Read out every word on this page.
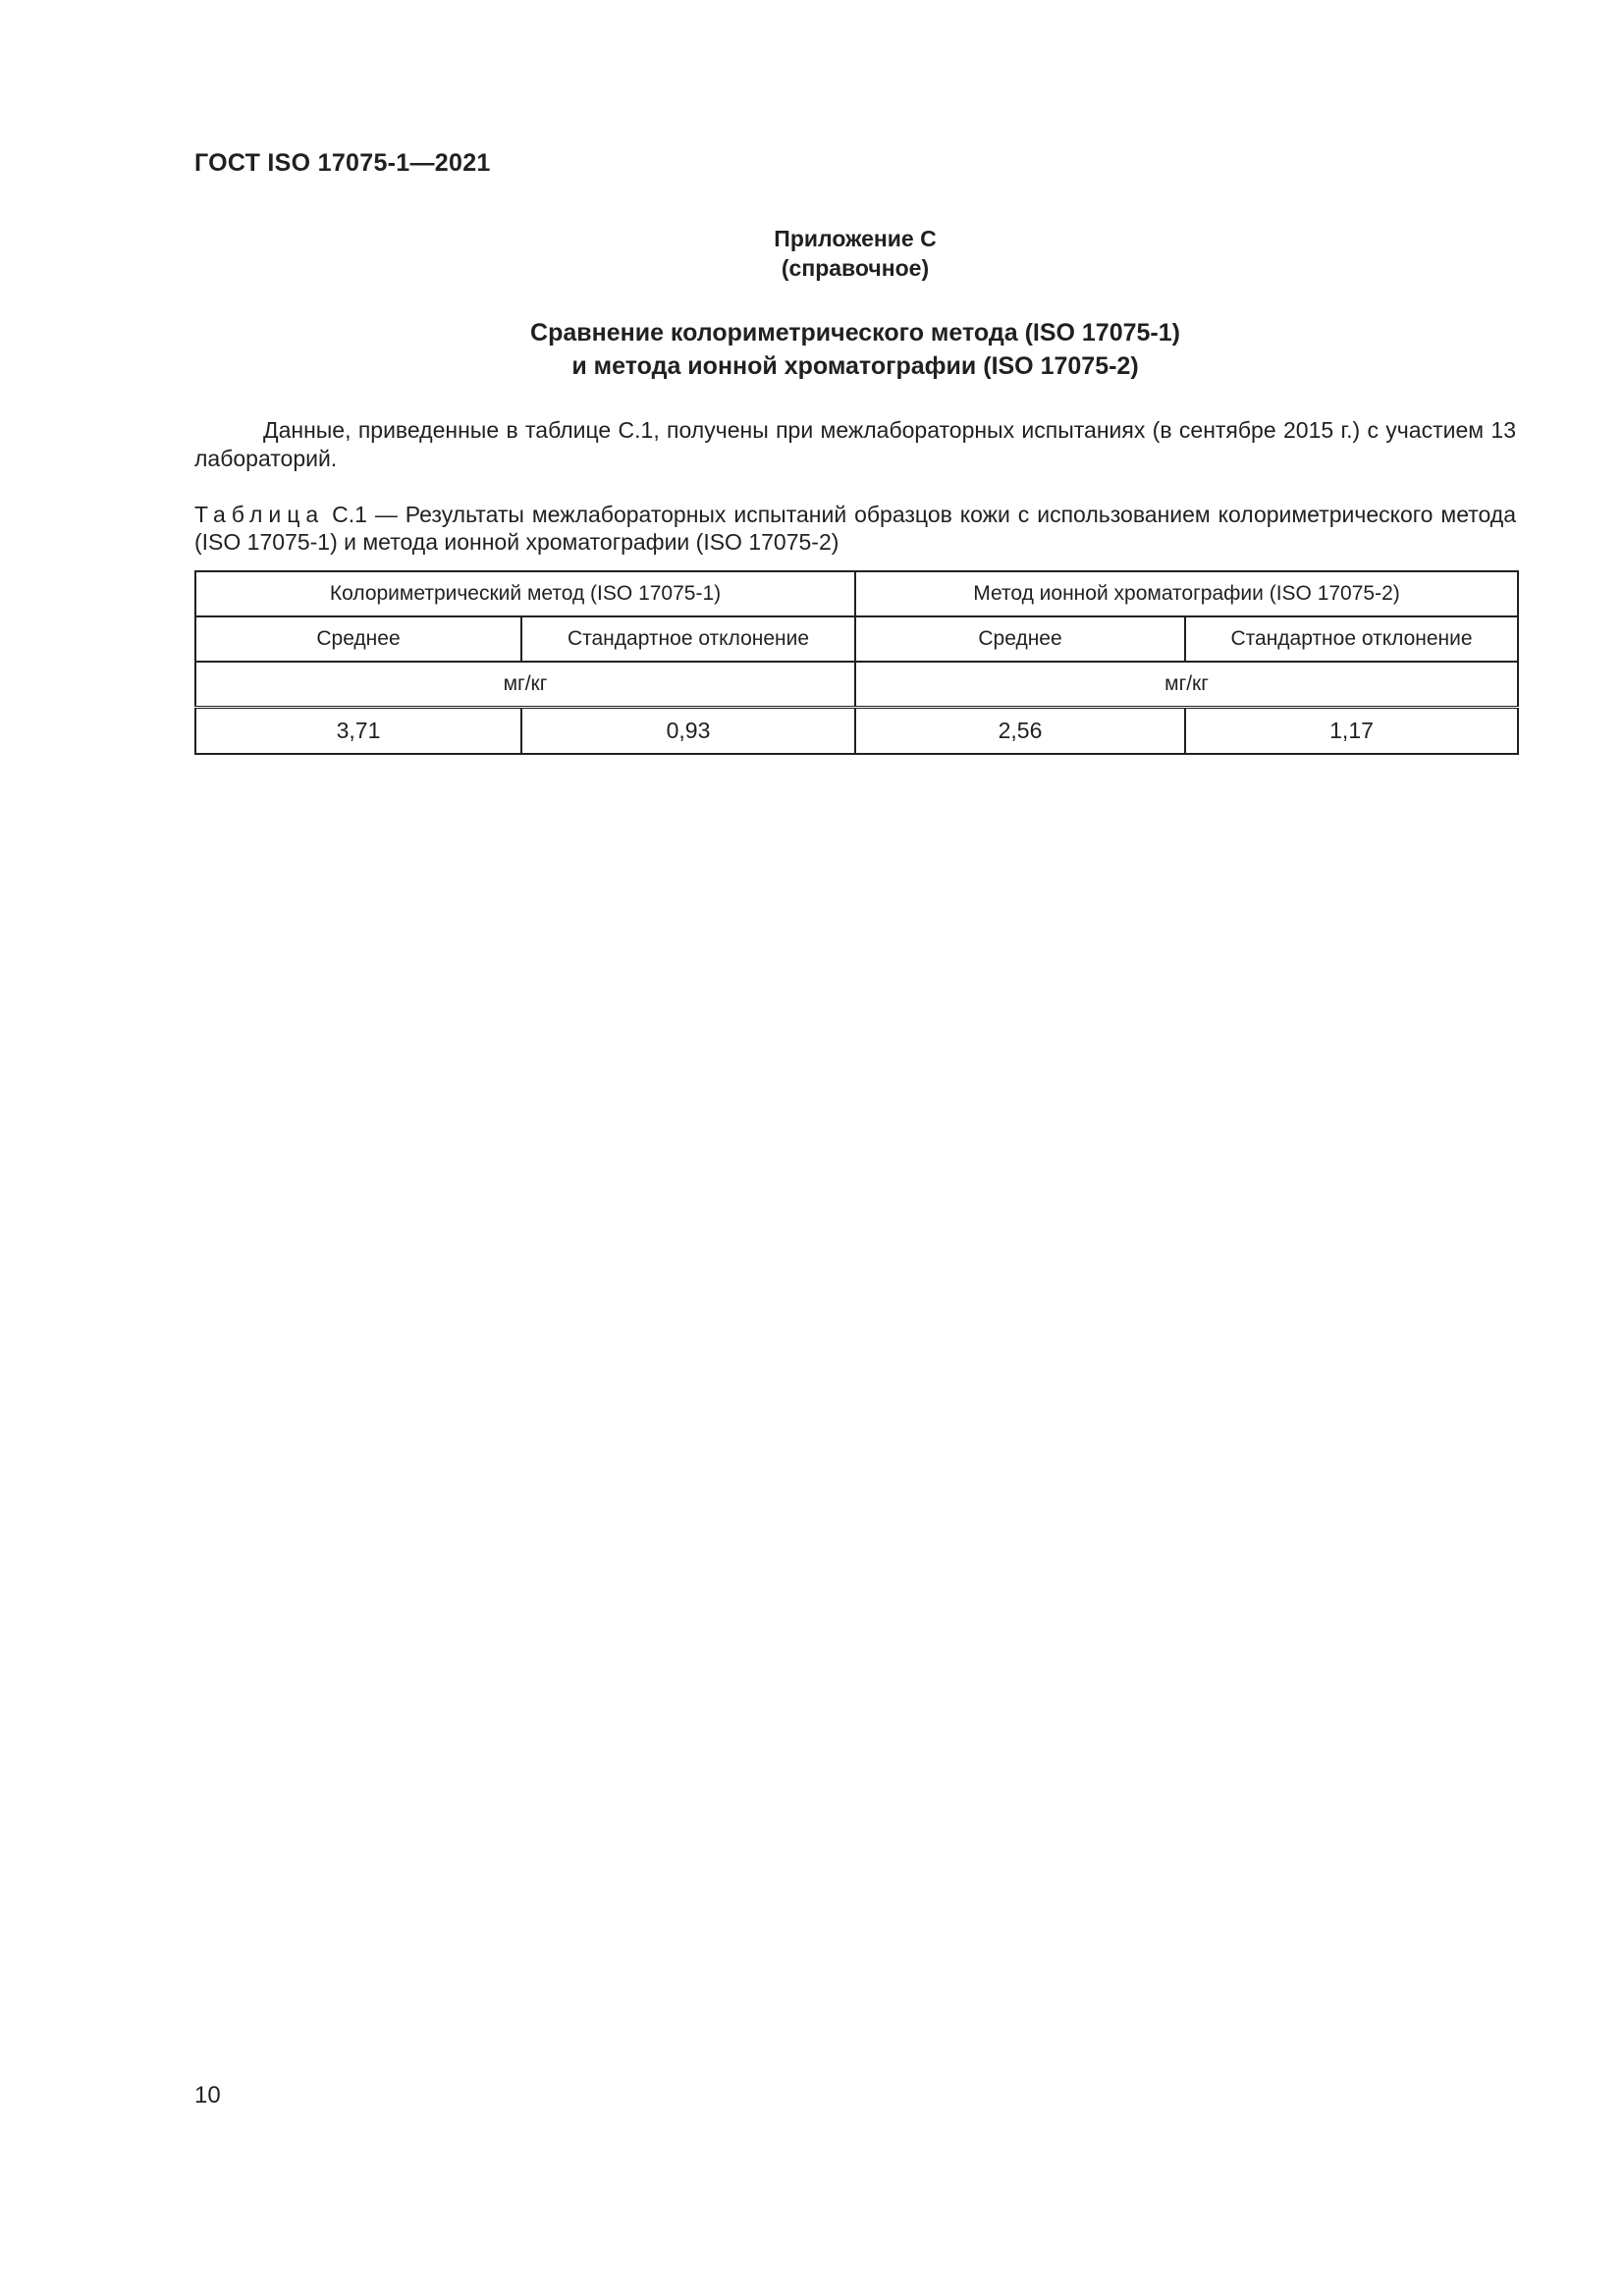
ГОСТ ISO 17075-1—2021
Приложение С
(справочное)
Сравнение колориметрического метода (ISO 17075-1)
и метода ионной хроматографии (ISO 17075-2)

Данные, приведенные в таблице С.1, получены при межлабораторных испытаниях (в сентябре 2015 г.) с участием 13 лабораторий.

Таблица С.1 — Результаты межлабораторных испытаний образцов кожи с использованием колориметрического метода (ISO 17075-1) и метода ионной хроматографии (ISO 17075-2)

Колориметрический метод (ISO 17075-1)		Метод ионной хроматографии (ISO 17075-2)	
Среднее	Стандартное отклонение	Среднее	Стандартное отклонение
мг/кг		мг/кг	
3,71	0,93	2,56	1,17
10
